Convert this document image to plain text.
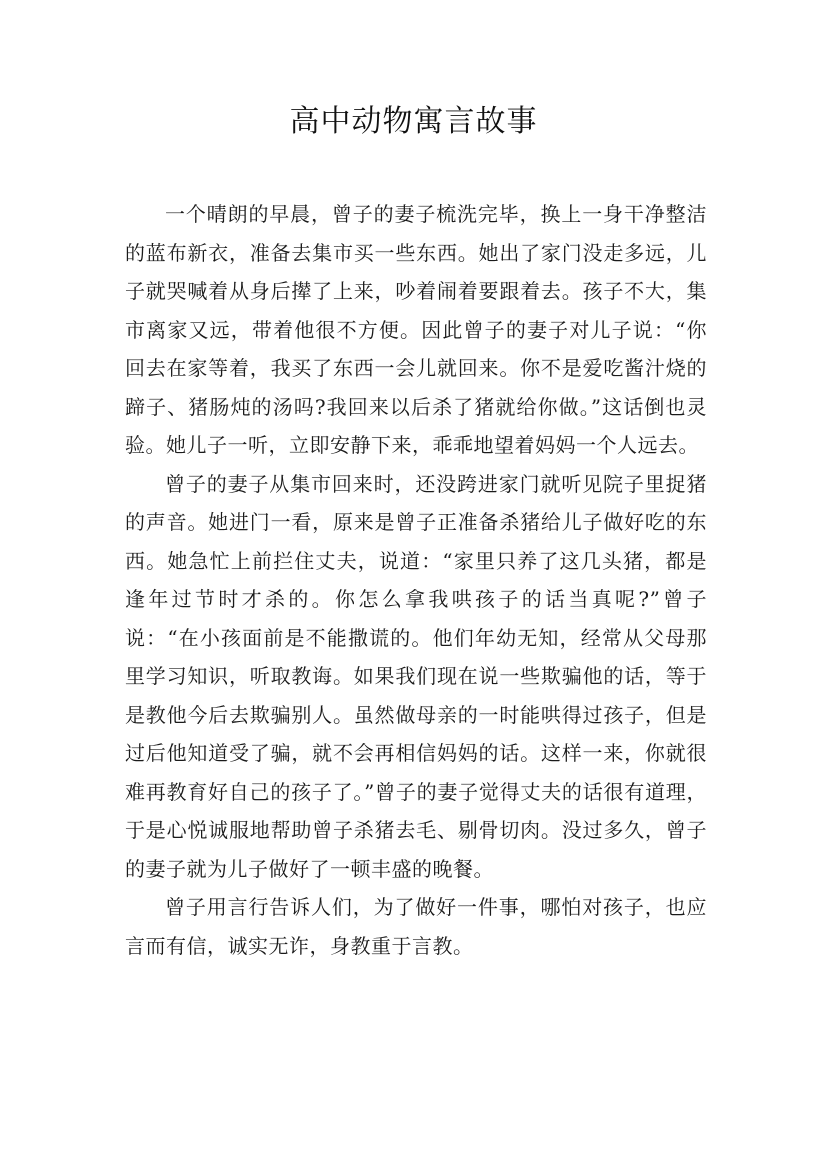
高中动物寓言故事

一个晴朗的早晨，曾子的妻子梳洗完毕，换上一身干净整洁的蓝布新衣，准备去集市买一些东西。她出了家门没走多远，儿子就哭喊着从身后撵了上来，吵着闹着要跟着去。孩子不大，集市离家又远，带着他很不方便。因此曾子的妻子对儿子说：“你回去在家等着，我买了东西一会儿就回来。你不是爱吃酱汁烧的蹄子、猪肠炖的汤吗?我回来以后杀了猪就给你做。”这话倒也灵验。她儿子一听，立即安静下来，乖乖地望着妈妈一个人远去。

曾子的妻子从集市回来时，还没跨进家门就听见院子里捉猪的声音。她进门一看，原来是曾子正准备杀猪给儿子做好吃的东西。她急忙上前拦住丈夫，说道：“家里只养了这几头猪，都是逢年过节时才杀的。你怎么拿我哄孩子的话当真呢?”曾子说：“在小孩面前是不能撒谎的。他们年幼无知，经常从父母那里学习知识，听取教诲。如果我们现在说一些欺骗他的话，等于是教他今后去欺骗别人。虽然做母亲的一时能哄得过孩子，但是过后他知道受了骗，就不会再相信妈妈的话。这样一来，你就很难再教育好自己的孩子了。”曾子的妻子觉得丈夫的话很有道理，于是心悦诚服地帮助曾子杀猪去毛、剔骨切肉。没过多久，曾子的妻子就为儿子做好了一顿丰盛的晚餐。

曾子用言行告诉人们，为了做好一件事，哪怕对孩子，也应言而有信，诚实无诈，身教重于言教。
